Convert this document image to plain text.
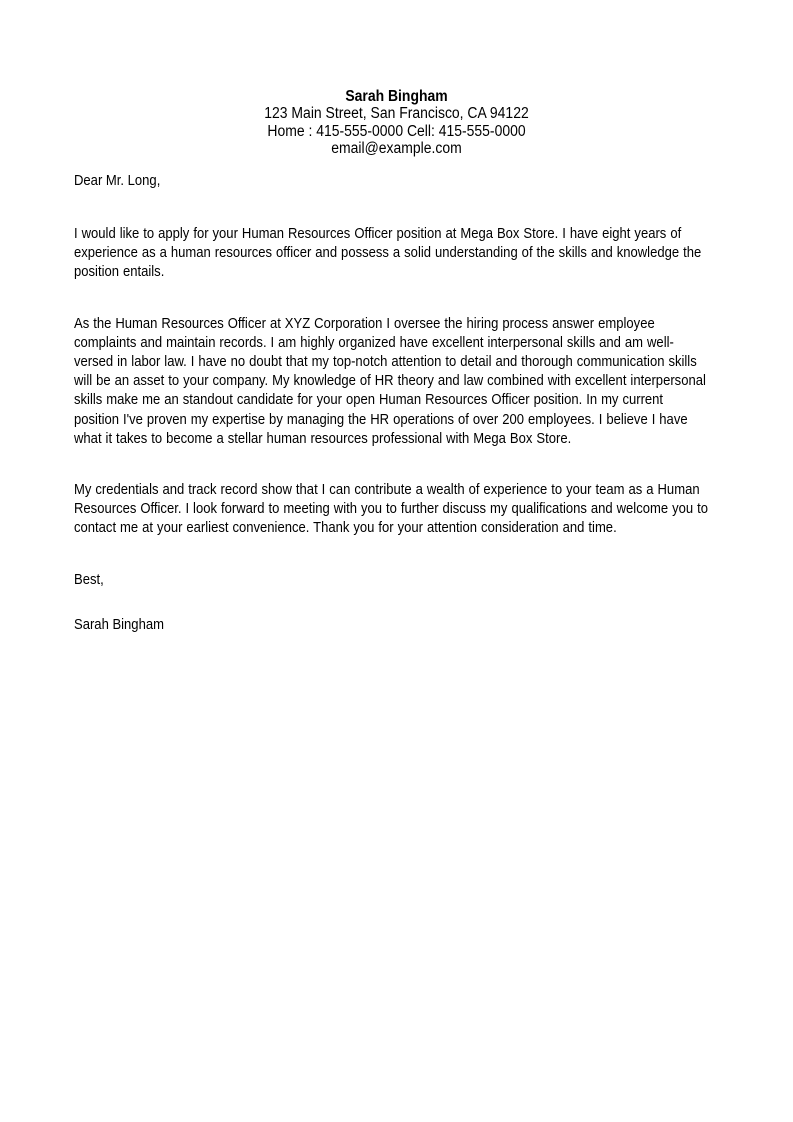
Sarah Bingham
123 Main Street, San Francisco, CA 94122
Home : 415-555-0000 Cell: 415-555-0000
email@example.com
Dear Mr. Long,
I would like to apply for your Human Resources Officer position at Mega Box Store. I have eight years of experience as a human resources officer and possess a solid understanding of the skills and knowledge the position entails.
As the Human Resources Officer at XYZ Corporation I oversee the hiring process answer employee complaints and maintain records. I am highly organized have excellent interpersonal skills and am well-versed in labor law. I have no doubt that my top-notch attention to detail and thorough communication skills will be an asset to your company. My knowledge of HR theory and law combined with excellent interpersonal skills make me an standout candidate for your open Human Resources Officer position. In my current position I've proven my expertise by managing the HR operations of over 200 employees. I believe I have what it takes to become a stellar human resources professional with Mega Box Store.
My credentials and track record show that I can contribute a wealth of experience to your team as a Human Resources Officer. I look forward to meeting with you to further discuss my qualifications and welcome you to contact me at your earliest convenience. Thank you for your attention consideration and time.
Best,
Sarah Bingham
